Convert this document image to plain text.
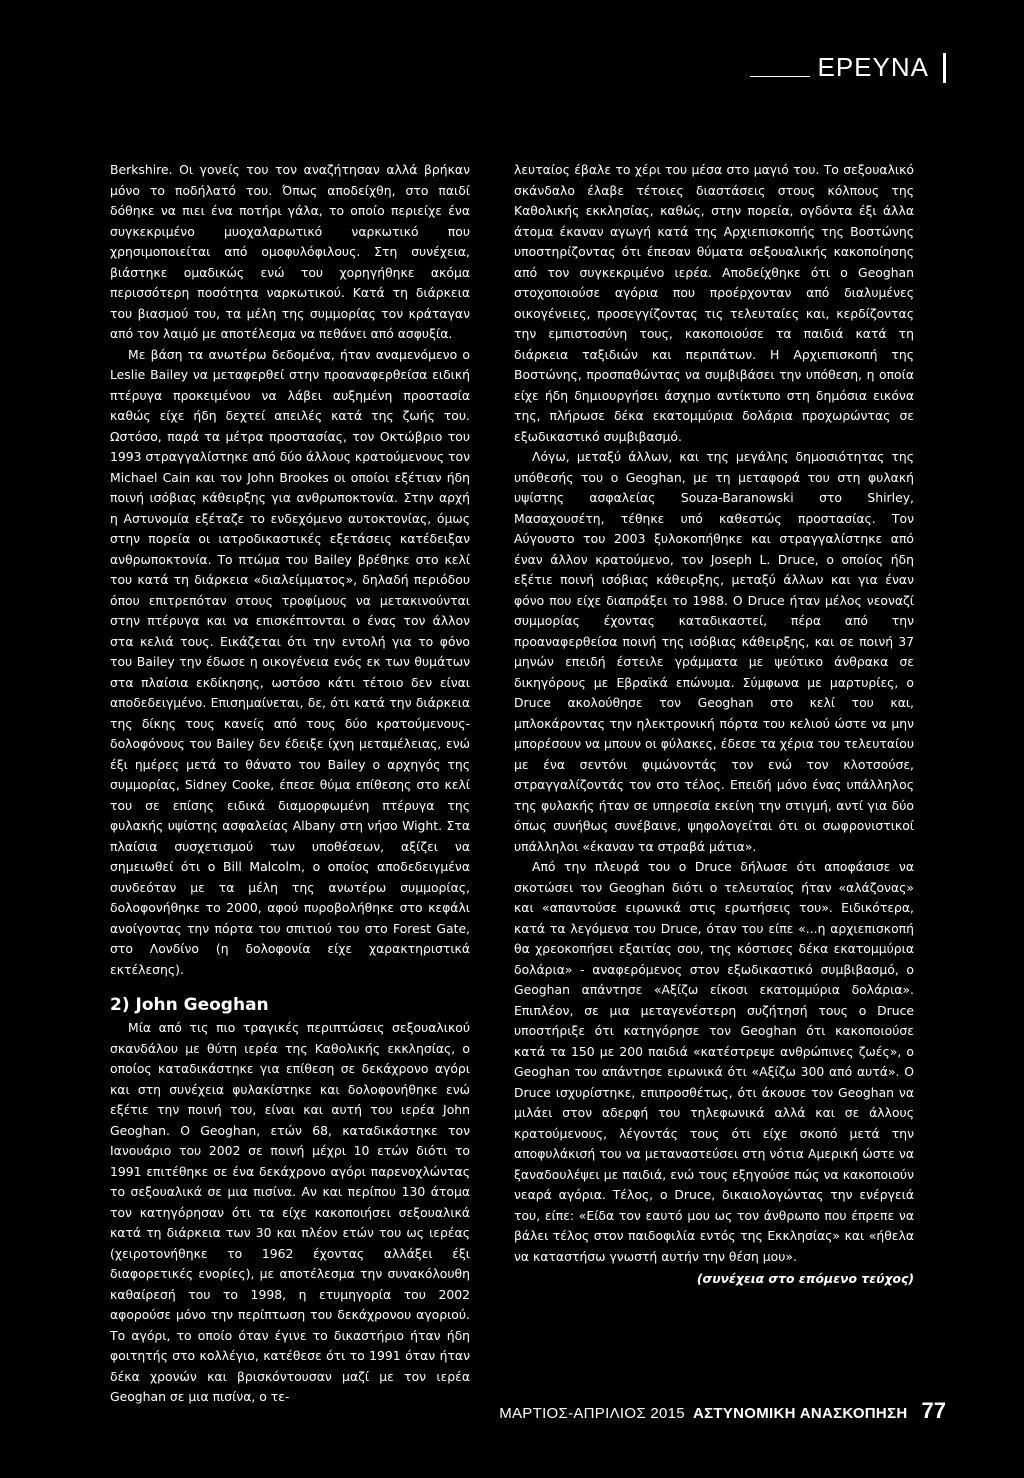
ΕΡΕΥΝΑ

Berkshire. Οι γονείς του τον αναζήτησαν αλλά βρήκαν μόνο το ποδήλατό του. Όπως αποδείχθη, στο παιδί δόθηκε να πιει ένα ποτήρι γάλα, το οποίο περιείχε ένα συγκεκριμένο μυοχαλαρωτικό ναρκωτικό που χρησιμοποιείται από ομοφυλόφιλους. Στη συνέχεια, βιάστηκε ομαδικώς ενώ του χορηγήθηκε ακόμα περισσότερη ποσότητα ναρκωτικού. Κατά τη διάρκεια του βιασμού του, τα μέλη της συμμορίας τον κράταγαν από τον λαιμό με αποτέλεσμα να πεθάνει από ασφυξία.

Με βάση τα ανωτέρω δεδομένα, ήταν αναμενόμενο ο Leslie Bailey να μεταφερθεί στην προαναφερθείσα ειδική πτέρυγα προκειμένου να λάβει αυξημένη προστασία καθώς είχε ήδη δεχτεί απειλές κατά της ζωής του. Ωστόσο, παρά τα μέτρα προστασίας, τον Οκτώβριο του 1993 στραγγαλίστηκε από δύο άλλους κρατούμενους τον Michael Cain και τον John Brookes οι οποίοι εξέτιαν ήδη ποινή ισόβιας κάθειρξης για ανθρωποκτονία. Στην αρχή η Αστυνομία εξέταζε το ενδεχόμενο αυτοκτονίας, όμως στην πορεία οι ιατροδικαστικές εξετάσεις κατέδειξαν ανθρωποκτονία. Το πτώμα του Bailey βρέθηκε στο κελί του κατά τη διάρκεια «διαλείμματος», δηλαδή περιόδου όπου επιτρεπόταν στους τροφίμους να μετακινούνται στην πτέρυγα και να επισκέπτονται ο ένας τον άλλον στα κελιά τους. Εικάζεται ότι την εντολή για το φόνο του Bailey την έδωσε η οικογένεια ενός εκ των θυμάτων στα πλαίσια εκδίκησης, ωστόσο κάτι τέτοιο δεν είναι αποδεδειγμένο. Επισημαίνεται, δε, ότι κατά την διάρκεια της δίκης τους κανείς από τους δύο κρατούμενους-δολοφόνους του Bailey δεν έδειξε ίχνη μεταμέλειας, ενώ έξι ημέρες μετά το θάνατο του Bailey ο αρχηγός της συμμορίας, Sidney Cooke, έπεσε θύμα επίθεσης στο κελί του σε επίσης ειδικά διαμορφωμένη πτέρυγα της φυλακής υψίστης ασφαλείας Albany στη νήσο Wight. Στα πλαίσια συσχετισμού των υποθέσεων, αξίζει να σημειωθεί ότι ο Bill Malcolm, ο οποίος αποδεδειγμένα συνδεόταν με τα μέλη της ανωτέρω συμμορίας, δολοφονήθηκε το 2000, αφού πυροβολήθηκε στο κεφάλι ανοίγοντας την πόρτα του σπιτιού του στο Forest Gate, στο Λονδίνο (η δολοφονία είχε χαρακτηριστικά εκτέλεσης).

2) John Geoghan

Μία από τις πιο τραγικές περιπτώσεις σεξουαλικού σκανδάλου με θύτη ιερέα της Καθολικής εκκλησίας, ο οποίος καταδικάστηκε για επίθεση σε δεκάχρονο αγόρι και στη συνέχεια φυλακίστηκε και δολοφονήθηκε ενώ εξέτιε την ποινή του, είναι και αυτή του ιερέα John Geoghan. Ο Geoghan, ετών 68, καταδικάστηκε τον Ιανουάριο του 2002 σε ποινή μέχρι 10 ετών διότι το 1991 επιτέθηκε σε ένα δεκάχρονο αγόρι παρενοχλώντας το σεξουαλικά σε μια πισίνα. Αν και περίπου 130 άτομα τον κατηγόρησαν ότι τα είχε κακοποιήσει σεξουαλικά κατά τη διάρκεια των 30 και πλέον ετών του ως ιερέας (χειροτονήθηκε το 1962 έχοντας αλλάξει έξι διαφορετικές ενορίες), με αποτέλεσμα την συνακόλουθη καθαίρεσή του το 1998, η ετυμηγορία του 2002 αφορούσε μόνο την περίπτωση του δεκάχρονου αγοριού. Το αγόρι, το οποίο όταν έγινε το δικαστήριο ήταν ήδη φοιτητής στο κολλέγιο, κατέθεσε ότι το 1991 όταν ήταν δέκα χρονών και βρισκόντουσαν μαζί με τον ιερέα Geoghan σε μια πισίνα, ο τε-

λευταίος έβαλε το χέρι του μέσα στο μαγιό του. Το σεξουαλικό σκάνδαλο έλαβε τέτοιες διαστάσεις στους κόλπους της Καθολικής εκκλησίας, καθώς, στην πορεία, ογδόντα έξι άλλα άτομα έκαναν αγωγή κατά της Αρχιεπισκοπής της Βοστώνης υποστηρίζοντας ότι έπεσαν θύματα σεξουαλικής κακοποίησης από τον συγκεκριμένο ιερέα. Αποδείχθηκε ότι ο Geoghan στοχοποιούσε αγόρια που προέρχονταν από διαλυμένες οικογένειες, προσεγγίζοντας τις τελευταίες και, κερδίζοντας την εμπιστοσύνη τους, κακοποιούσε τα παιδιά κατά τη διάρκεια ταξιδιών και περιπάτων. Η Αρχιεπισκοπή της Βοστώνης, προσπαθώντας να συμβιβάσει την υπόθεση, η οποία είχε ήδη δημιουργήσει άσχημο αντίκτυπο στη δημόσια εικόνα της, πλήρωσε δέκα εκατομμύρια δολάρια προχωρώντας σε εξωδικαστικό συμβιβασμό.

Λόγω, μεταξύ άλλων, και της μεγάλης δημοσιότητας της υπόθεσής του ο Geoghan, με τη μεταφορά του στη φυλακή υψίστης ασφαλείας Souza-Baranowski στο Shirley, Μασαχουσέτη, τέθηκε υπό καθεστώς προστασίας. Τον Αύγουστο του 2003 ξυλοκοπήθηκε και στραγγαλίστηκε από έναν άλλον κρατούμενο, τον Joseph L. Druce, ο οποίος ήδη εξέτιε ποινή ισόβιας κάθειρξης, μεταξύ άλλων και για έναν φόνο που είχε διαπράξει το 1988. Ο Druce ήταν μέλος νεοναζί συμμορίας έχοντας καταδικαστεί, πέρα από την προαναφερθείσα ποινή της ισόβιας κάθειρξης, και σε ποινή 37 μηνών επειδή έστειλε γράμματα με ψεύτικο άνθρακα σε δικηγόρους με Εβραϊκά επώνυμα. Σύμφωνα με μαρτυρίες, ο Druce ακολούθησε τον Geoghan στο κελί του και, μπλοκάροντας την ηλεκτρονική πόρτα του κελιού ώστε να μην μπορέσουν να μπουν οι φύλακες, έδεσε τα χέρια του τελευταίου με ένα σεντόνι φιμώνοντάς τον ενώ τον κλοτσούσε, στραγγαλίζοντάς τον στο τέλος. Επειδή μόνο ένας υπάλληλος της φυλακής ήταν σε υπηρεσία εκείνη την στιγμή, αντί για δύο όπως συνήθως συνέβαινε, ψηφολογείται ότι οι σωφρονιστικοί υπάλληλοι «έκαναν τα στραβά μάτια».

Από την πλευρά του ο Druce δήλωσε ότι αποφάσισε να σκοτώσει τον Geoghan διότι ο τελευταίος ήταν «αλάζονας» και «απαντούσε ειρωνικά στις ερωτήσεις του». Ειδικότερα, κατά τα λεγόμενα του Druce, όταν του είπε «...η αρχιεπισκοπή θα χρεοκοπήσει εξαιτίας σου, της κόστισες δέκα εκατομμύρια δολάρια» - αναφερόμενος στον εξωδικαστικό συμβιβασμό, ο Geoghan απάντησε «Αξίζω είκοσι εκατομμύρια δολάρια». Επιπλέον, σε μια μεταγενέστερη συζήτησή τους ο Druce υποστήριξε ότι κατηγόρησε τον Geoghan ότι κακοποιούσε κατά τα 150 με 200 παιδιά «κατέστρεψε ανθρώπινες ζωές», ο Geoghan του απάντησε ειρωνικά ότι «Αξίζω 300 από αυτά». Ο Druce ισχυρίστηκε, επιπροσθέτως, ότι άκουσε τον Geoghan να μιλάει στον αδερφή του τηλεφωνικά αλλά και σε άλλους κρατούμενους, λέγοντάς τους ότι είχε σκοπό μετά την αποφυλάκισή του να μεταναστεύσει στη νότια Αμερική ώστε να ξαναδουλέψει με παιδιά, ενώ τους εξηγούσε πώς να κακοποιούν νεαρά αγόρια. Τέλος, ο Druce, δικαιολογώντας την ενέργειά του, είπε: «Είδα τον εαυτό μου ως τον άνθρωπο που έπρεπε να βάλει τέλος στον παιδοφιλία εντός της Εκκλησίας» και «ήθελα να καταστήσω γνωστή αυτήν την θέση μου».

(συνέχεια στο επόμενο τεύχος)
ΜΑΡΤΙΟΣ-ΑΠΡΙΛΙΟΣ 2015 ΑΣΤΥΝΟΜΙΚΗ ΑΝΑΣΚΟΠΗΣΗ 77
